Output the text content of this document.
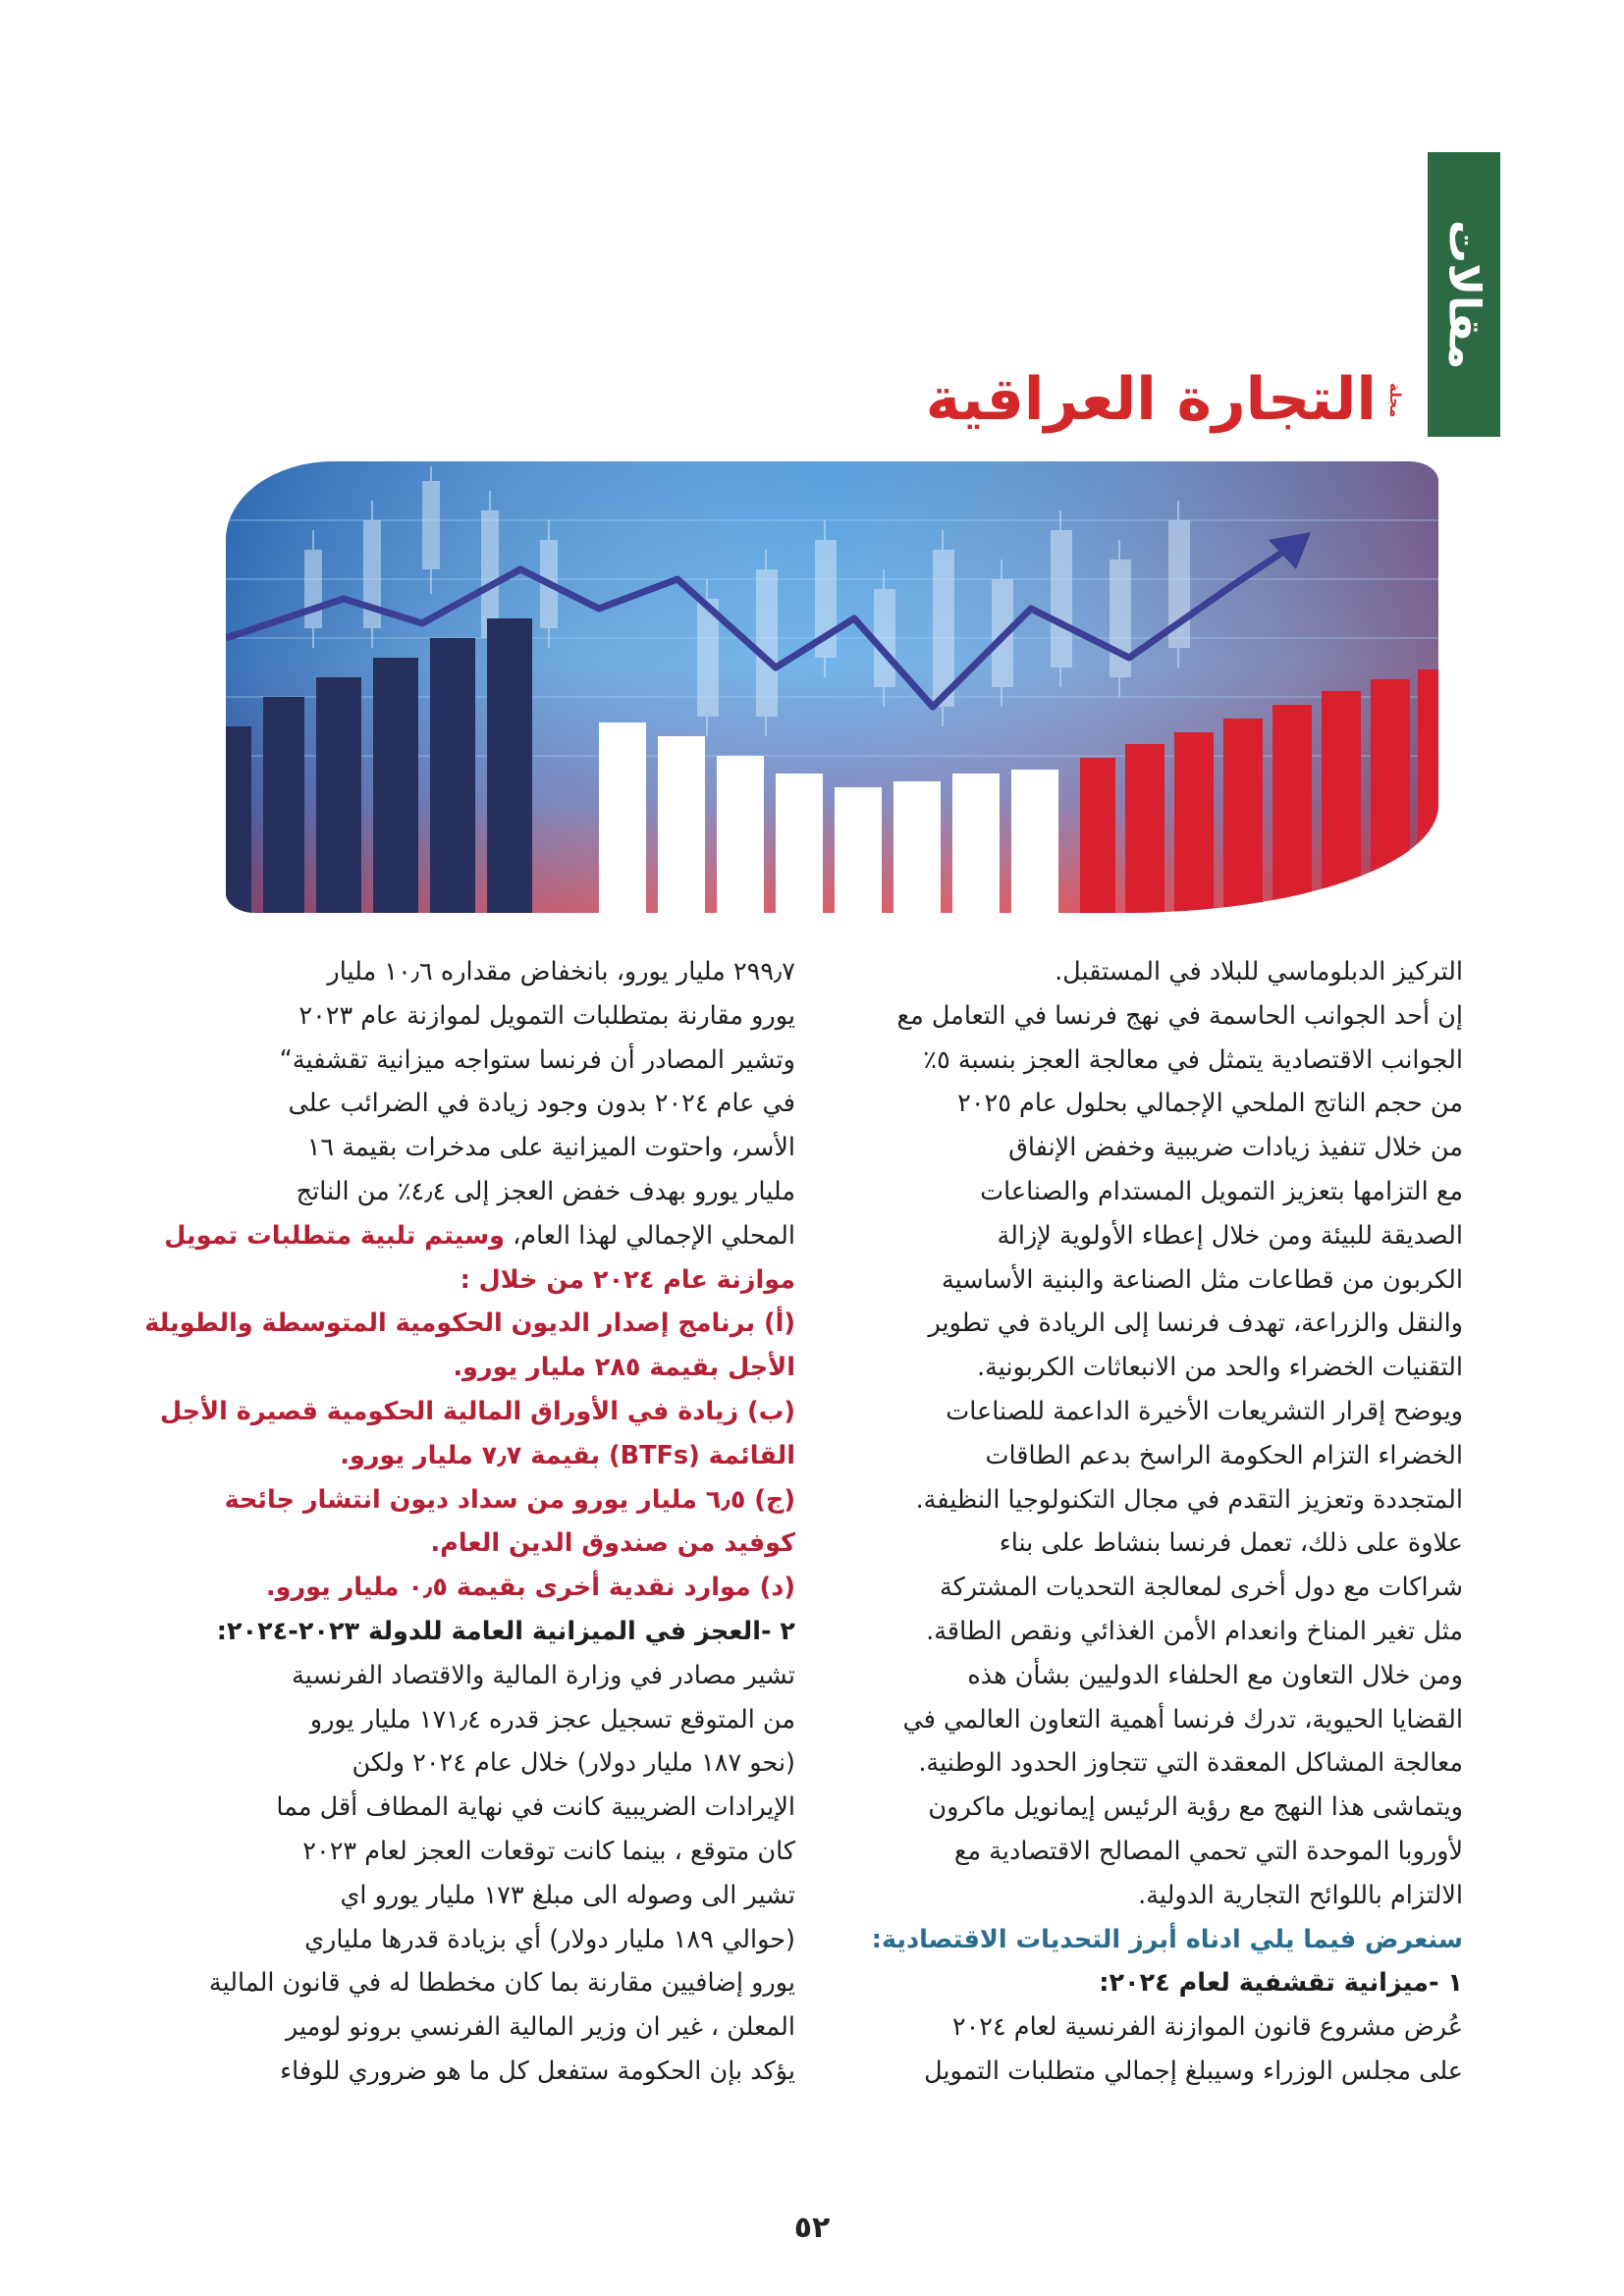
مقالات
مجلة
التجارة العراقية
التركيز الدبلوماسي للبلاد في المستقبل.
إن أحد الجوانب الحاسمة في نهج فرنسا في التعامل مع
الجوانب الاقتصادية يتمثل في معالجة العجز بنسبة ٥٪
من حجم الناتج الملحي الإجمالي بحلول عام ٢٠٢٥
من خلال تنفيذ زيادات ضريبية وخفض الإنفاق
مع التزامها بتعزيز التمويل المستدام والصناعات
الصديقة للبيئة ومن خلال إعطاء الأولوية لإزالة
الكربون من قطاعات مثل الصناعة والبنية الأساسية
والنقل والزراعة، تهدف فرنسا إلى الريادة في تطوير
التقنيات الخضراء والحد من الانبعاثات الكربونية.
ويوضح إقرار التشريعات الأخيرة الداعمة للصناعات
الخضراء التزام الحكومة الراسخ بدعم الطاقات
المتجددة وتعزيز التقدم في مجال التكنولوجيا النظيفة.
علاوة على ذلك، تعمل فرنسا بنشاط على بناء
شراكات مع دول أخرى لمعالجة التحديات المشتركة
مثل تغير المناخ وانعدام الأمن الغذائي ونقص الطاقة.
ومن خلال التعاون مع الحلفاء الدوليين بشأن هذه
القضايا الحيوية، تدرك فرنسا أهمية التعاون العالمي في
معالجة المشاكل المعقدة التي تتجاوز الحدود الوطنية.
ويتماشى هذا النهج مع رؤية الرئيس إيمانويل ماكرون
لأوروبا الموحدة التي تحمي المصالح الاقتصادية مع
الالتزام باللوائح التجارية الدولية.
سنعرض فيما يلي ادناه أبرز التحديات الاقتصادية:
١ -ميزانية تقشفية لعام ٢٠٢٤:
عُرض مشروع قانون الموازنة الفرنسية لعام ٢٠٢٤
على مجلس الوزراء وسيبلغ إجمالي متطلبات التمويل
٢٩٩٫٧ مليار يورو، بانخفاض مقداره ١٠٫٦ مليار
يورو مقارنة بمتطلبات التمويل لموازنة عام ٢٠٢٣
وتشير المصادر أن فرنسا ستواجه ميزانية تقشفية“
في عام ٢٠٢٤ بدون وجود زيادة في الضرائب على
الأسر، واحتوت الميزانية على مدخرات بقيمة ١٦
مليار يورو بهدف خفض العجز إلى ٤٫٤٪ من الناتج
المحلي الإجمالي لهذا العام، وسيتم تلبية متطلبات تمويل
موازنة عام ٢٠٢٤ من خلال :
(أ) برنامج إصدار الديون الحكومية المتوسطة والطويلة
الأجل بقيمة ٢٨٥ مليار يورو.
(ب) زيادة في الأوراق المالية الحكومية قصيرة الأجل
القائمة (BTFs) بقيمة ٧٫٧ مليار يورو.
(ج) ٦٫٥ مليار يورو من سداد ديون انتشار جائحة
كوفيد من صندوق الدين العام.
(د) موارد نقدية أخرى بقيمة ٠٫٥ مليار يورو.
٢ -العجز في الميزانية العامة للدولة ٢٠٢٣-٢٠٢٤:
تشير مصادر في وزارة المالية والاقتصاد الفرنسية
من المتوقع تسجيل عجز قدره ١٧١٫٤ مليار يورو
(نحو ١٨٧ مليار دولار) خلال عام ٢٠٢٤ ولكن
الإيرادات الضريبية كانت في نهاية المطاف أقل مما
كان متوقع ، بينما كانت توقعات العجز لعام ٢٠٢٣
تشير الى وصوله الى مبلغ ١٧٣ مليار يورو اي
(حوالي ١٨٩ مليار دولار) أي بزيادة قدرها ملياري
يورو إضافيين مقارنة بما كان مخططا له في قانون المالية
المعلن ، غير ان وزير المالية الفرنسي برونو لومير
يؤكد بإن الحكومة ستفعل كل ما هو ضروري للوفاء
٥٢
